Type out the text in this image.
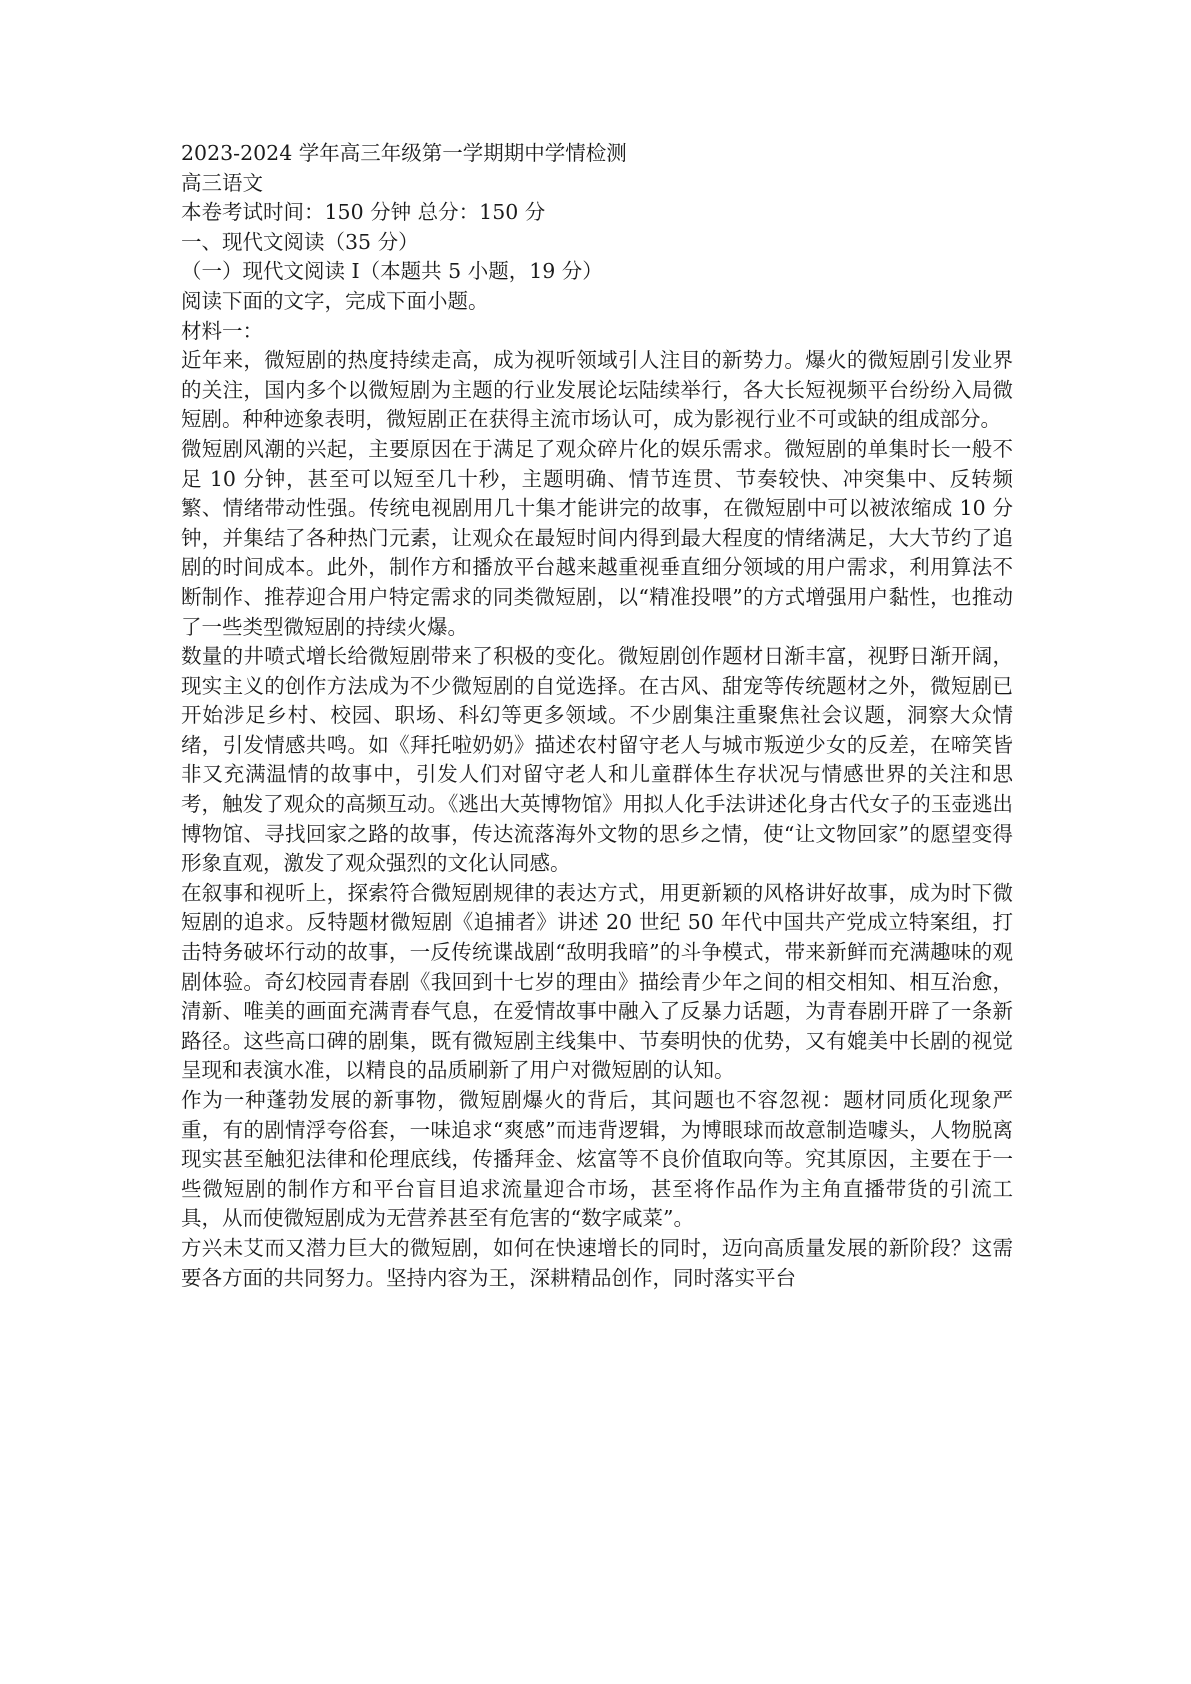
2023-2024 学年高三年级第一学期期中学情检测

高三语文

本卷考试时间：150 分钟 总分：150 分

一、现代文阅读（35 分）

（一）现代文阅读 I（本题共 5 小题，19 分）

阅读下面的文字，完成下面小题。

材料一：

近年来，微短剧的热度持续走高，成为视听领域引人注目的新势力。爆火的微短剧引发业界的关注，国内多个以微短剧为主题的行业发展论坛陆续举行，各大长短视频平台纷纷入局微短剧。种种迹象表明，微短剧正在获得主流市场认可，成为影视行业不可或缺的组成部分。

微短剧风潮的兴起，主要原因在于满足了观众碎片化的娱乐需求。微短剧的单集时长一般不足 10 分钟，甚至可以短至几十秒，主题明确、情节连贯、节奏较快、冲突集中、反转频繁、情绪带动性强。传统电视剧用几十集才能讲完的故事，在微短剧中可以被浓缩成 10 分钟，并集结了各种热门元素，让观众在最短时间内得到最大程度的情绪满足，大大节约了追剧的时间成本。此外，制作方和播放平台越来越重视垂直细分领域的用户需求，利用算法不断制作、推荐迎合用户特定需求的同类微短剧，以“精准投喂”的方式增强用户黏性，也推动了一些类型微短剧的持续火爆。

数量的井喷式增长给微短剧带来了积极的变化。微短剧创作题材日渐丰富，视野日渐开阔，现实主义的创作方法成为不少微短剧的自觉选择。在古风、甜宠等传统题材之外，微短剧已开始涉足乡村、校园、职场、科幻等更多领域。不少剧集注重聚焦社会议题，洞察大众情绪，引发情感共鸣。如《拜托啦奶奶》描述农村留守老人与城市叛逆少女的反差，在啼笑皆非又充满温情的故事中，引发人们对留守老人和儿童群体生存状况与情感世界的关注和思考，触发了观众的高频互动。《逃出大英博物馆》用拟人化手法讲述化身古代女子的玉壶逃出博物馆、寻找回家之路的故事，传达流落海外文物的思乡之情，使“让文物回家”的愿望变得形象直观，激发了观众强烈的文化认同感。

在叙事和视听上，探索符合微短剧规律的表达方式，用更新颖的风格讲好故事，成为时下微短剧的追求。反特题材微短剧《追捕者》讲述 20 世纪 50 年代中国共产党成立特案组，打击特务破坏行动的故事，一反传统谍战剧“敌明我暗”的斗争模式，带来新鲜而充满趣味的观剧体验。奇幻校园青春剧《我回到十七岁的理由》描绘青少年之间的相交相知、相互治愈，清新、唯美的画面充满青春气息，在爱情故事中融入了反暴力话题，为青春剧开辟了一条新路径。这些高口碑的剧集，既有微短剧主线集中、节奏明快的优势，又有媲美中长剧的视觉呈现和表演水准，以精良的品质刷新了用户对微短剧的认知。

作为一种蓬勃发展的新事物，微短剧爆火的背后，其问题也不容忽视：题材同质化现象严重，有的剧情浮夸俗套，一味追求“爽感”而违背逻辑，为博眼球而故意制造噱头，人物脱离现实甚至触犯法律和伦理底线，传播拜金、炫富等不良价值取向等。究其原因，主要在于一些微短剧的制作方和平台盲目追求流量迎合市场，甚至将作品作为主角直播带货的引流工具，从而使微短剧成为无营养甚至有危害的“数字咸菜”。

方兴未艾而又潜力巨大的微短剧，如何在快速增长的同时，迈向高质量发展的新阶段？这需要各方面的共同努力。坚持内容为王，深耕精品创作，同时落实平台
